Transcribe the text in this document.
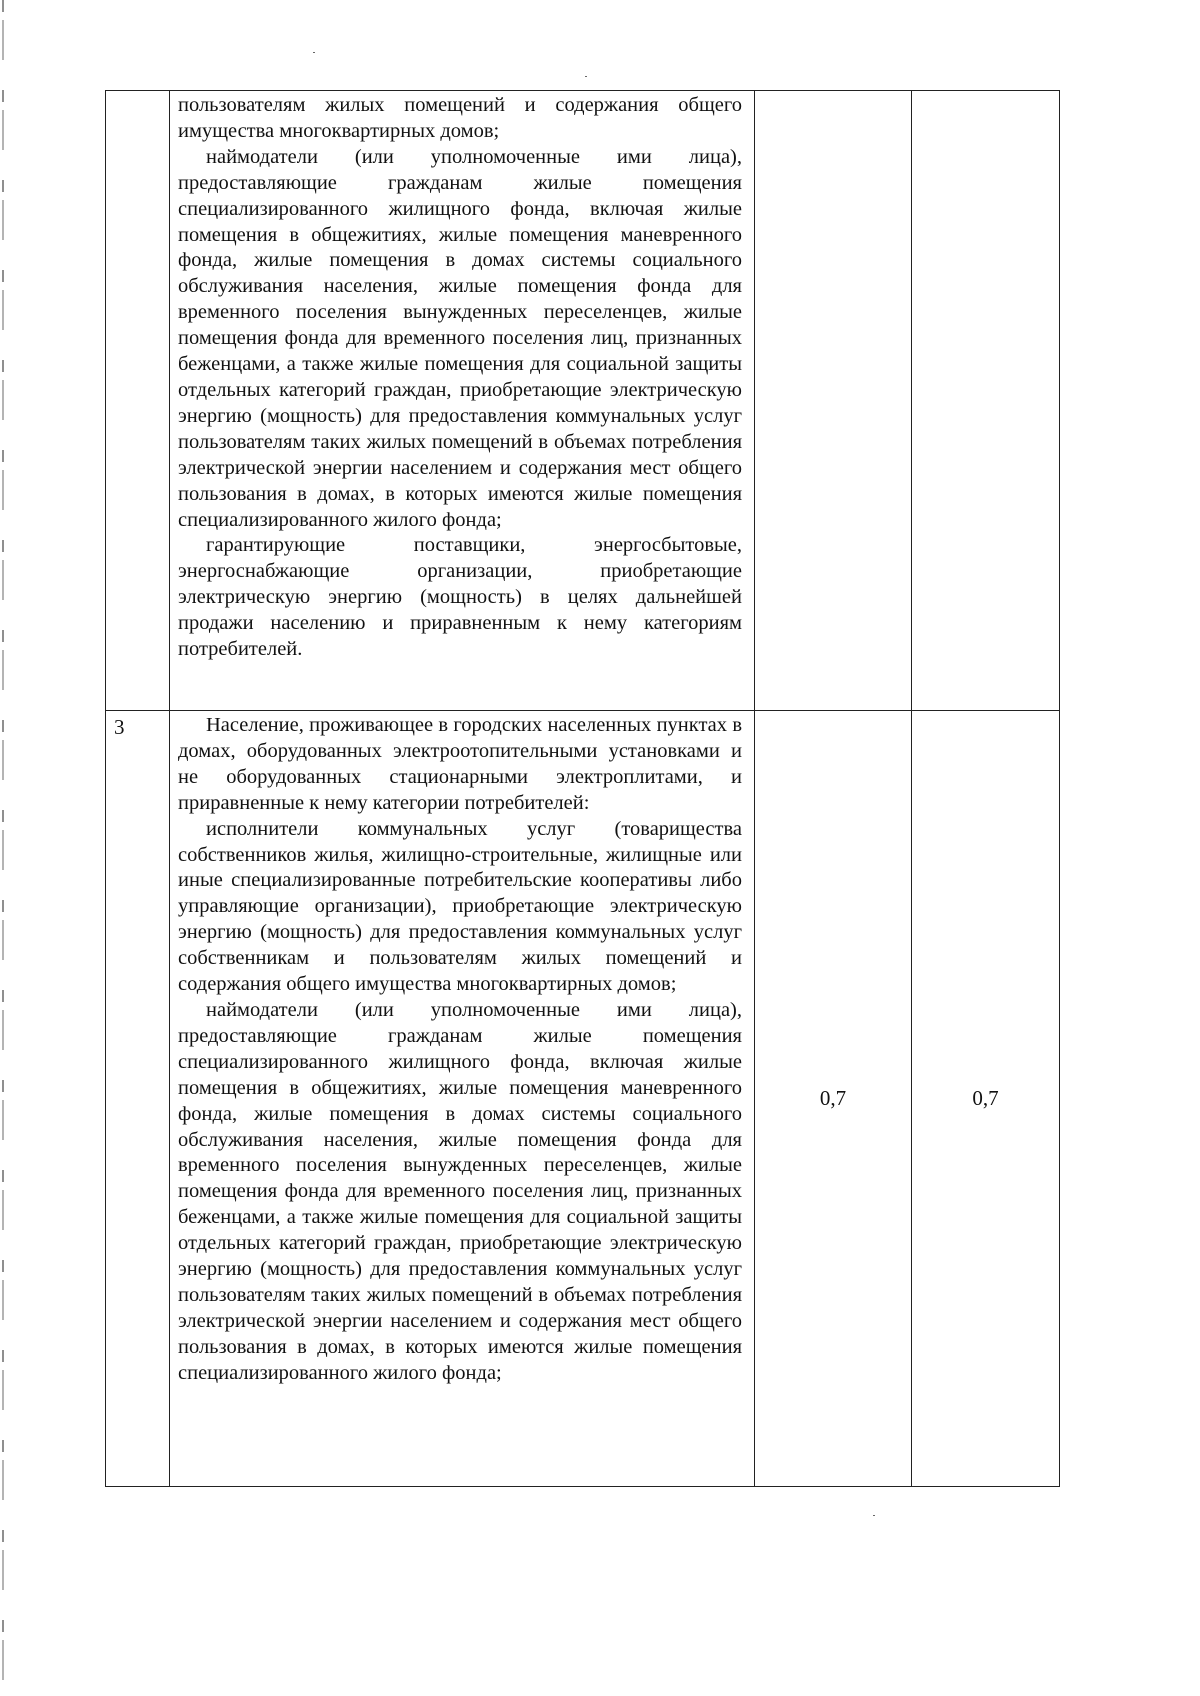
	пользователям жилых помещений и содержания общего имущества многоквартирных домов;

наймодатели (или уполномоченные ими лица), предоставляющие гражданам жилые помещения специализированного жилищного фонда, включая жилые помещения в общежитиях, жилые помещения маневренного фонда, жилые помещения в домах системы социального обслуживания населения, жилые помещения фонда для временного поселения вынужденных переселенцев, жилые помещения фонда для временного поселения лиц, признанных беженцами, а также жилые помещения для социальной защиты отдельных категорий граждан, приобретающие электрическую энергию (мощность) для предоставления коммунальных услуг пользователям таких жилых помещений в объемах потребления электрической энергии населением и содержания мест общего пользования в домах, в которых имеются жилые помещения специализированного жилого фонда;

гарантирующие поставщики, энергосбытовые, энергоснабжающие организации, приобретающие электрическую энергию (мощность) в целях дальнейшей продажи населению и приравненным к нему категориям потребителей.		

3	Население, проживающее в городских населенных пунктах в домах, оборудованных электроотопительными установками и не оборудованных стационарными электроплитами, и приравненные к нему категории потребителей:

исполнители коммунальных услуг (товарищества собственников жилья, жилищно-строительные, жилищные или иные специализированные потребительские кооперативы либо управляющие организации), приобретающие электрическую энергию (мощность) для предоставления коммунальных услуг собственникам и пользователям жилых помещений и содержания общего имущества многоквартирных домов;

наймодатели (или уполномоченные ими лица), предоставляющие гражданам жилые помещения специализированного жилищного фонда, включая жилые помещения в общежитиях, жилые помещения маневренного фонда, жилые помещения в домах системы социального обслуживания населения, жилые помещения фонда для временного поселения вынужденных переселенцев, жилые помещения фонда для временного поселения лиц, признанных беженцами, а также жилые помещения для социальной защиты отдельных категорий граждан, приобретающие электрическую энергию (мощность) для предоставления коммунальных услуг пользователям таких жилых помещений в объемах потребления электрической энергии населением и содержания мест общего пользования в домах, в которых имеются жилые помещения специализированного жилого фонда;	0,7	0,7
